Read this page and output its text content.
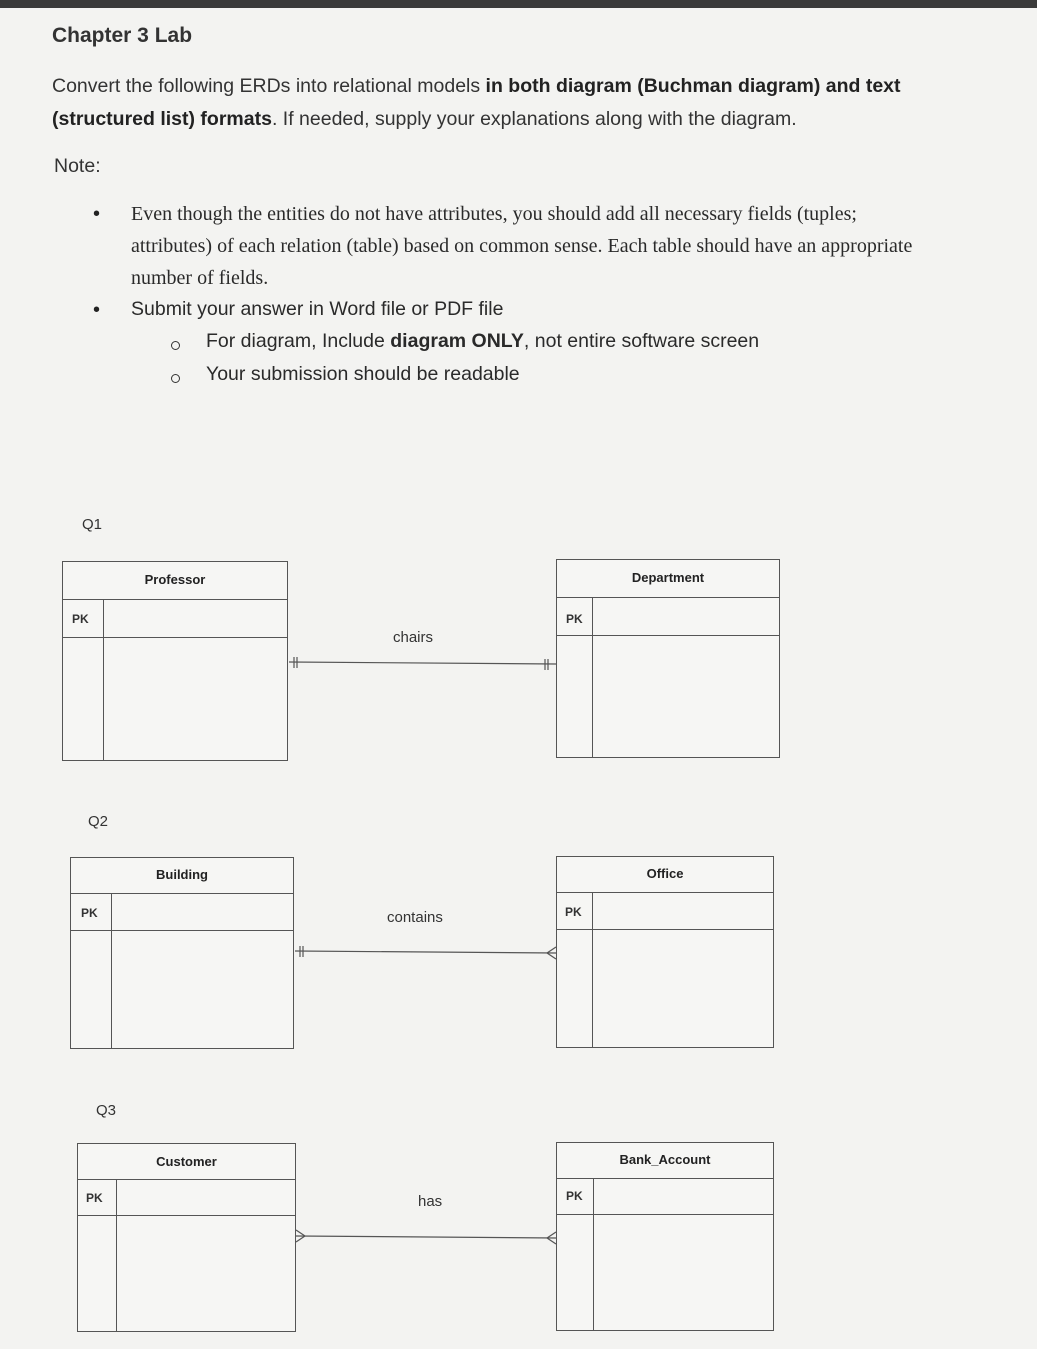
Chapter 3 Lab
Convert the following ERDs into relational models in both diagram (Buchman diagram) and text
(structured list) formats. If needed, supply your explanations along with the diagram.
Note:
• Even though the entities do not have attributes, you should add all necessary fields (tuples;
attributes) of each relation (table) based on common sense. Each table should have an appropriate
number of fields.
• Submit your answer in Word file or PDF file
For diagram, Include diagram ONLY, not entire software screen
Your submission should be readable
Q1
Professor
PK
Department
PK
chairs
Q2
Building
PK
Office
PK
contains
Q3
Customer
PK
Bank_Account
PK
has
